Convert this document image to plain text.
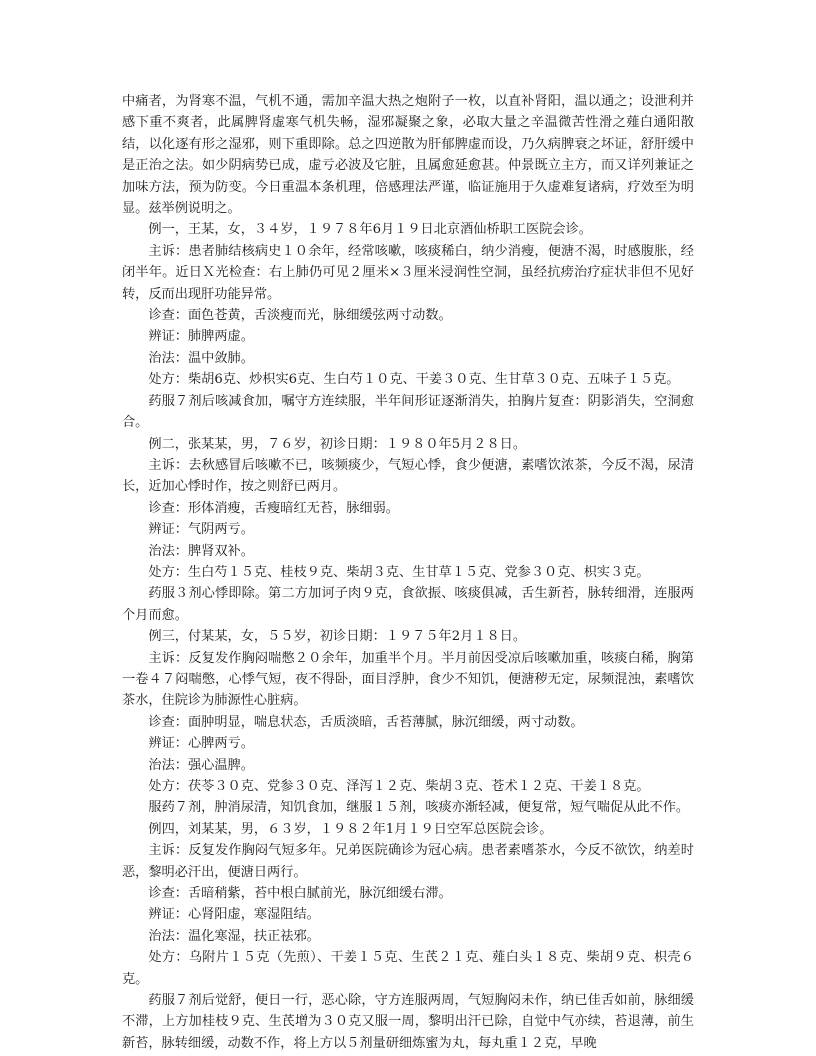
中痛者，为肾寒不温，气机不通，需加辛温大热之炮附子一枚，以直补肾阳，温以通之；设泄利并感下重不爽者，此属脾肾虚寒气机失畅，湿邪凝聚之象，必取大量之辛温微苦性滑之薤白通阳散结，以化逐有形之湿邪，则下重即除。总之四逆散为肝郁脾虚而设，乃久病脾衰之坏证，舒肝缓中是正治之法。如少阴病势已成，虚亏必波及它脏，且属愈延愈甚。仲景既立主方，而又详列兼证之加味方法，预为防变。今日重温本条机理，倍感理法严谨，临证施用于久虚难复诸病，疗效至为明显。兹举例说明之。

例一，王某，女，３４岁，１９７８年6月１９日北京酒仙桥职工医院会诊。

主诉：患者肺结核病史１０余年，经常咳嗽，咳痰稀白，纳少消瘦，便溏不渴，时感腹胀，经闭半年。近日Ｘ光检查：右上肺仍可见２厘米×３厘米浸润性空洞，虽经抗痨治疗症状非但不见好转，反而出现肝功能异常。

诊查：面色苍黄，舌淡瘦而光，脉细缓弦两寸动数。

辨证：肺脾两虚。

治法：温中敛肺。

处方：柴胡6克、炒枳实6克、生白芍１０克、干姜３０克、生甘草３０克、五味子１５克。

药服７剂后咳减食加，嘱守方连续服，半年间形证逐渐消失，拍胸片复查：阴影消失，空洞愈合。

例二，张某某，男，７６岁，初诊日期：１９８０年5月２８日。

主诉：去秋感冒后咳嗽不已，咳频痰少，气短心悸，食少便溏，素嗜饮浓茶，今反不渴，尿清长，近加心悸时作，按之则舒已两月。

诊查：形体消瘦，舌瘦暗红无苔，脉细弱。

辨证：气阴两亏。

治法：脾肾双补。

处方：生白芍１５克、桂枝９克、柴胡３克、生甘草１５克、党参３０克、枳实３克。

药服３剂心悸即除。第二方加诃子肉９克，食欲振、咳痰俱减，舌生新苔，脉转细滑，连服两个月而愈。

例三，付某某，女，５５岁，初诊日期：１９７５年2月１８日。

主诉：反复发作胸闷喘憋２０余年，加重半个月。半月前因受凉后咳嗽加重，咳痰白稀，胸第一卷４７闷喘憋，心悸气短，夜不得卧，面目浮肿，食少不知饥，便溏秽无定，尿频混浊，素嗜饮茶水，住院诊为肺源性心脏病。

诊查：面肿明显，喘息状态，舌质淡暗，舌苔薄腻，脉沉细缓，两寸动数。

辨证：心脾两亏。

治法：强心温脾。

处方：茯苓３０克、党参３０克、泽泻１２克、柴胡３克、苍术１２克、干姜１８克。

服药７剂，肿消尿清，知饥食加，继服１５剂，咳痰亦渐轻减，便复常，短气喘促从此不作。

例四，刘某某，男，６３岁，１９８２年1月１９日空军总医院会诊。

主诉：反复发作胸闷气短多年。兄弟医院确诊为冠心病。患者素嗜茶水，今反不欲饮，纳差时恶，黎明必汗出，便溏日两行。

诊查：舌暗稍紫，苔中根白腻前光，脉沉细缓右滞。

辨证：心肾阳虚，寒湿阻结。

治法：温化寒湿，扶正祛邪。

处方：乌附片１５克（先煎）、干姜１５克、生芪２１克、薤白头１８克、柴胡９克、枳壳６克。

药服７剂后觉舒，便日一行，恶心除，守方连服两周，气短胸闷未作，纳已佳舌如前，脉细缓不滞，上方加桂枝９克、生芪增为３０克又服一周，黎明出汗已除，自觉中气亦续，苔退薄，前生新苔，脉转细缓，动数不作，将上方以５剂量研细炼蜜为丸，每丸重１２克，早晚
